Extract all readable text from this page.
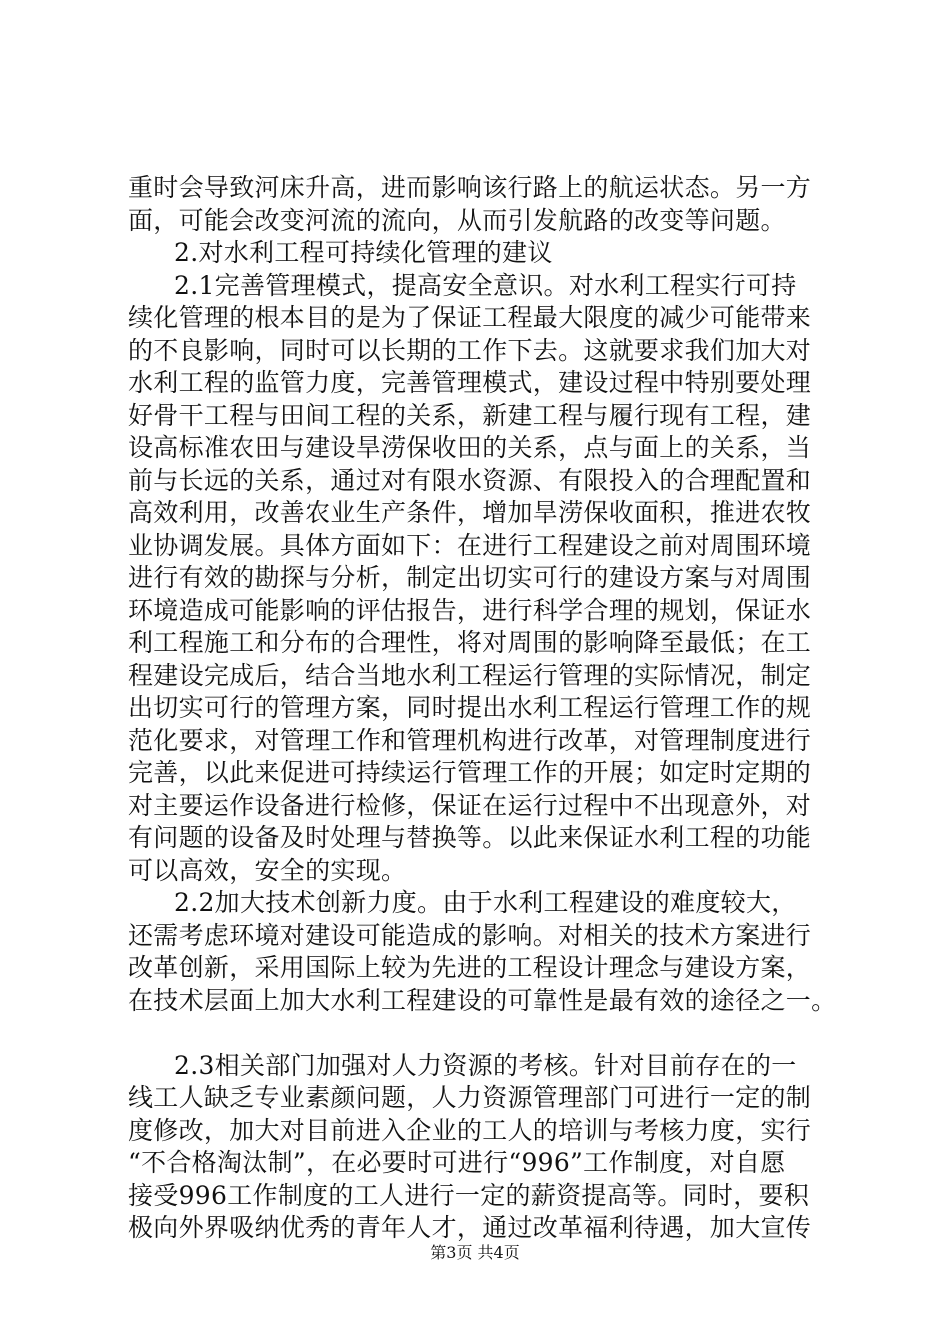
重时会导致河床升高，进而影响该行路上的航运状态。另一方
面，可能会改变河流的流向，从而引发航路的改变等问题。
2.对水利工程可持续化管理的建议
2.1完善管理模式，提高安全意识。对水利工程实行可持
续化管理的根本目的是为了保证工程最大限度的减少可能带来
的不良影响，同时可以长期的工作下去。这就要求我们加大对
水利工程的监管力度，完善管理模式，建设过程中特别要处理
好骨干工程与田间工程的关系，新建工程与履行现有工程，建
设高标准农田与建设旱涝保收田的关系，点与面上的关系，当
前与长远的关系，通过对有限水资源、有限投入的合理配置和
高效利用，改善农业生产条件，增加旱涝保收面积，推进农牧
业协调发展。具体方面如下：在进行工程建设之前对周围环境
进行有效的勘探与分析，制定出切实可行的建设方案与对周围
环境造成可能影响的评估报告，进行科学合理的规划，保证水
利工程施工和分布的合理性，将对周围的影响降至最低；在工
程建设完成后，结合当地水利工程运行管理的实际情况，制定
出切实可行的管理方案，同时提出水利工程运行管理工作的规
范化要求，对管理工作和管理机构进行改革，对管理制度进行
完善，以此来促进可持续运行管理工作的开展；如定时定期的
对主要运作设备进行检修，保证在运行过程中不出现意外，对
有问题的设备及时处理与替换等。以此来保证水利工程的功能
可以高效，安全的实现。
2.2加大技术创新力度。由于水利工程建设的难度较大，
还需考虑环境对建设可能造成的影响。对相关的技术方案进行
改革创新，采用国际上较为先进的工程设计理念与建设方案，
在技术层面上加大水利工程建设的可靠性是最有效的途径之一。
2.3相关部门加强对人力资源的考核。针对目前存在的一
线工人缺乏专业素颜问题，人力资源管理部门可进行一定的制
度修改，加大对目前进入企业的工人的培训与考核力度，实行
“不合格淘汰制”，在必要时可进行“996”工作制度，对自愿
接受996工作制度的工人进行一定的薪资提高等。同时，要积
极向外界吸纳优秀的青年人才，通过改革福利待遇，加大宣传
第3页 共4页
